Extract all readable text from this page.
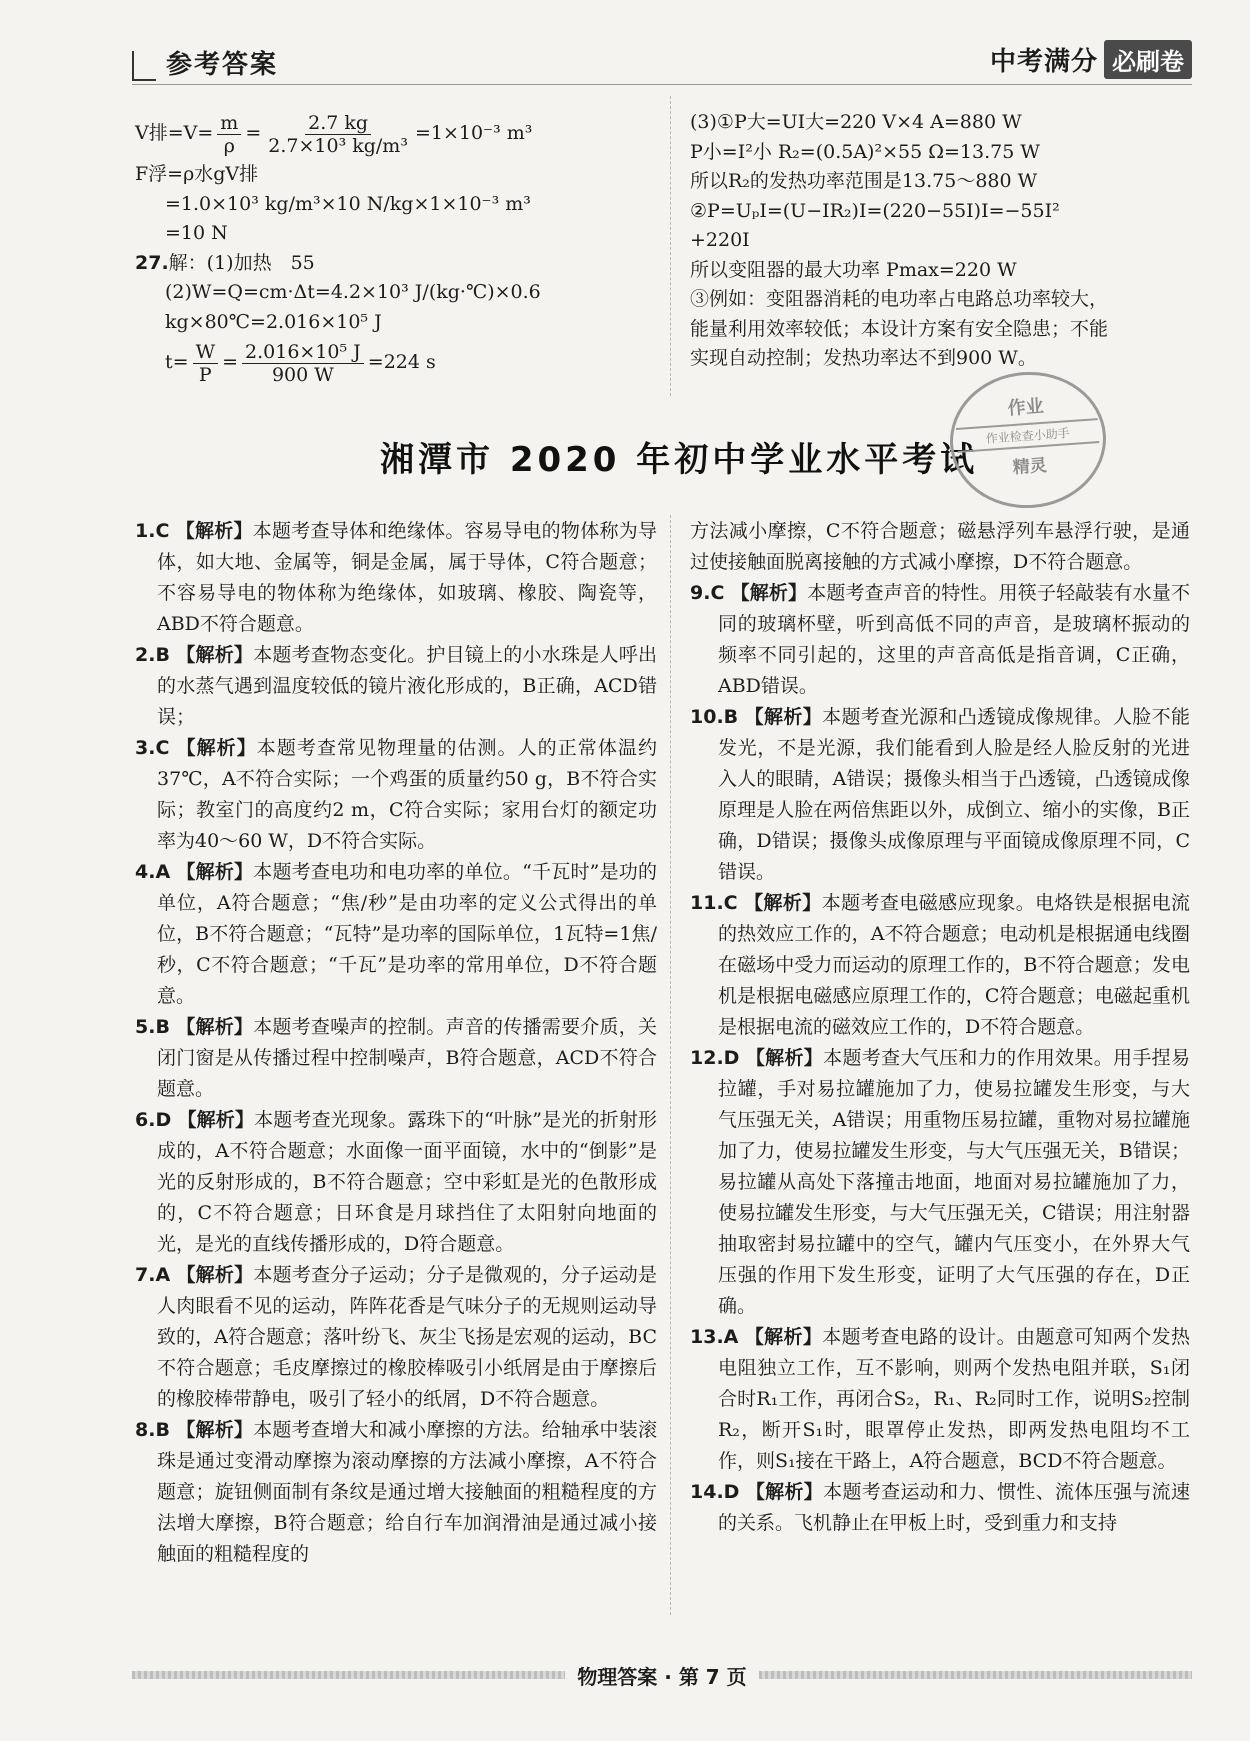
参考答案	中考满分 必刷卷
V排$=V= \frac{m}{\rho} = \frac{2.7 kg}{\text{2.7×10³ kg/m³}} =1\times 10^{-3}$ m³
F浮=ρ水gV排
=1.0×10³ kg/m³×10 N/kg×1×10⁻³ m³
=10 N
27.解：(1)加热　55
(2)W=Q=cm·Δt=4.2×10³ J/(kg·℃)×0.6
kg×80℃=2.016×10⁵ J
$t= \frac{W}{P} = \frac{\text{2.016×10⁵ J}}{900 W} =224$ s
(3)①P大=UI大=220 V×4 A=880 W
P小=I²小 R₂=(0.5A)²×55 Ω=13.75 W
所以R₂的发热功率范围是13.75～880 W
②P=UₚI=(U−IR₂)I=(220−55I)I=−55I²
+220I
所以变阻器的最大功率 Pmax=220 W
③例如：变阻器消耗的电功率占电路总功率较大，
能量利用效率较低；本设计方案有安全隐患；不能
实现自动控制；发热功率达不到900 W。
湘潭市 2020 年初中学业水平考试
作业
作业检查小助手
精灵
1.C 【解析】本题考查导体和绝缘体。容易导电的物体称为导体，如大地、金属等，铜是金属，属于导体，C符合题意；不容易导电的物体称为绝缘体，如玻璃、橡胶、陶瓷等，ABD不符合题意。
2.B 【解析】本题考查物态变化。护目镜上的小水珠是人呼出的水蒸气遇到温度较低的镜片液化形成的，B正确，ACD错误；
3.C 【解析】本题考查常见物理量的估测。人的正常体温约37℃，A不符合实际；一个鸡蛋的质量约50 g，B不符合实际；教室门的高度约2 m，C符合实际；家用台灯的额定功率为40～60 W，D不符合实际。
4.A 【解析】本题考查电功和电功率的单位。“千瓦时”是功的单位，A符合题意；“焦/秒”是由功率的定义公式得出的单位，B不符合题意；“瓦特”是功率的国际单位，1瓦特=1焦/秒，C不符合题意；“千瓦”是功率的常用单位，D不符合题意。
5.B 【解析】本题考查噪声的控制。声音的传播需要介质，关闭门窗是从传播过程中控制噪声，B符合题意，ACD不符合题意。
6.D 【解析】本题考查光现象。露珠下的“叶脉”是光的折射形成的，A不符合题意；水面像一面平面镜，水中的“倒影”是光的反射形成的，B不符合题意；空中彩虹是光的色散形成的，C不符合题意；日环食是月球挡住了太阳射向地面的光，是光的直线传播形成的，D符合题意。
7.A 【解析】本题考查分子运动；分子是微观的，分子运动是人肉眼看不见的运动，阵阵花香是气味分子的无规则运动导致的，A符合题意；落叶纷飞、灰尘飞扬是宏观的运动，BC不符合题意；毛皮摩擦过的橡胶棒吸引小纸屑是由于摩擦后的橡胶棒带静电，吸引了轻小的纸屑，D不符合题意。
8.B 【解析】本题考查增大和减小摩擦的方法。给轴承中装滚珠是通过变滑动摩擦为滚动摩擦的方法减小摩擦，A不符合题意；旋钮侧面制有条纹是通过增大接触面的粗糙程度的方法增大摩擦，B符合题意；给自行车加润滑油是通过减小接触面的粗糙程度的
方法减小摩擦，C不符合题意；磁悬浮列车悬浮行驶，是通过使接触面脱离接触的方式减小摩擦，D不符合题意。
9.C 【解析】本题考查声音的特性。用筷子轻敲装有水量不同的玻璃杯壁，听到高低不同的声音，是玻璃杯振动的频率不同引起的，这里的声音高低是指音调，C正确，ABD错误。
10.B 【解析】本题考查光源和凸透镜成像规律。人脸不能发光，不是光源，我们能看到人脸是经人脸反射的光进入人的眼睛，A错误；摄像头相当于凸透镜，凸透镜成像原理是人脸在两倍焦距以外，成倒立、缩小的实像，B正确，D错误；摄像头成像原理与平面镜成像原理不同，C错误。
11.C 【解析】本题考查电磁感应现象。电烙铁是根据电流的热效应工作的，A不符合题意；电动机是根据通电线圈在磁场中受力而运动的原理工作的，B不符合题意；发电机是根据电磁感应原理工作的，C符合题意；电磁起重机是根据电流的磁效应工作的，D不符合题意。
12.D 【解析】本题考查大气压和力的作用效果。用手捏易拉罐，手对易拉罐施加了力，使易拉罐发生形变，与大气压强无关，A错误；用重物压易拉罐，重物对易拉罐施加了力，使易拉罐发生形变，与大气压强无关，B错误；易拉罐从高处下落撞击地面，地面对易拉罐施加了力，使易拉罐发生形变，与大气压强无关，C错误；用注射器抽取密封易拉罐中的空气，罐内气压变小，在外界大气压强的作用下发生形变，证明了大气压强的存在，D正确。
13.A 【解析】本题考查电路的设计。由题意可知两个发热电阻独立工作，互不影响，则两个发热电阻并联，S₁闭合时R₁工作，再闭合S₂，R₁、R₂同时工作，说明S₂控制R₂，断开S₁时，眼罩停止发热，即两发热电阻均不工作，则S₁接在干路上，A符合题意，BCD不符合题意。
14.D 【解析】本题考查运动和力、惯性、流体压强与流速的关系。飞机静止在甲板上时，受到重力和支持
物理答案 · 第 7 页
